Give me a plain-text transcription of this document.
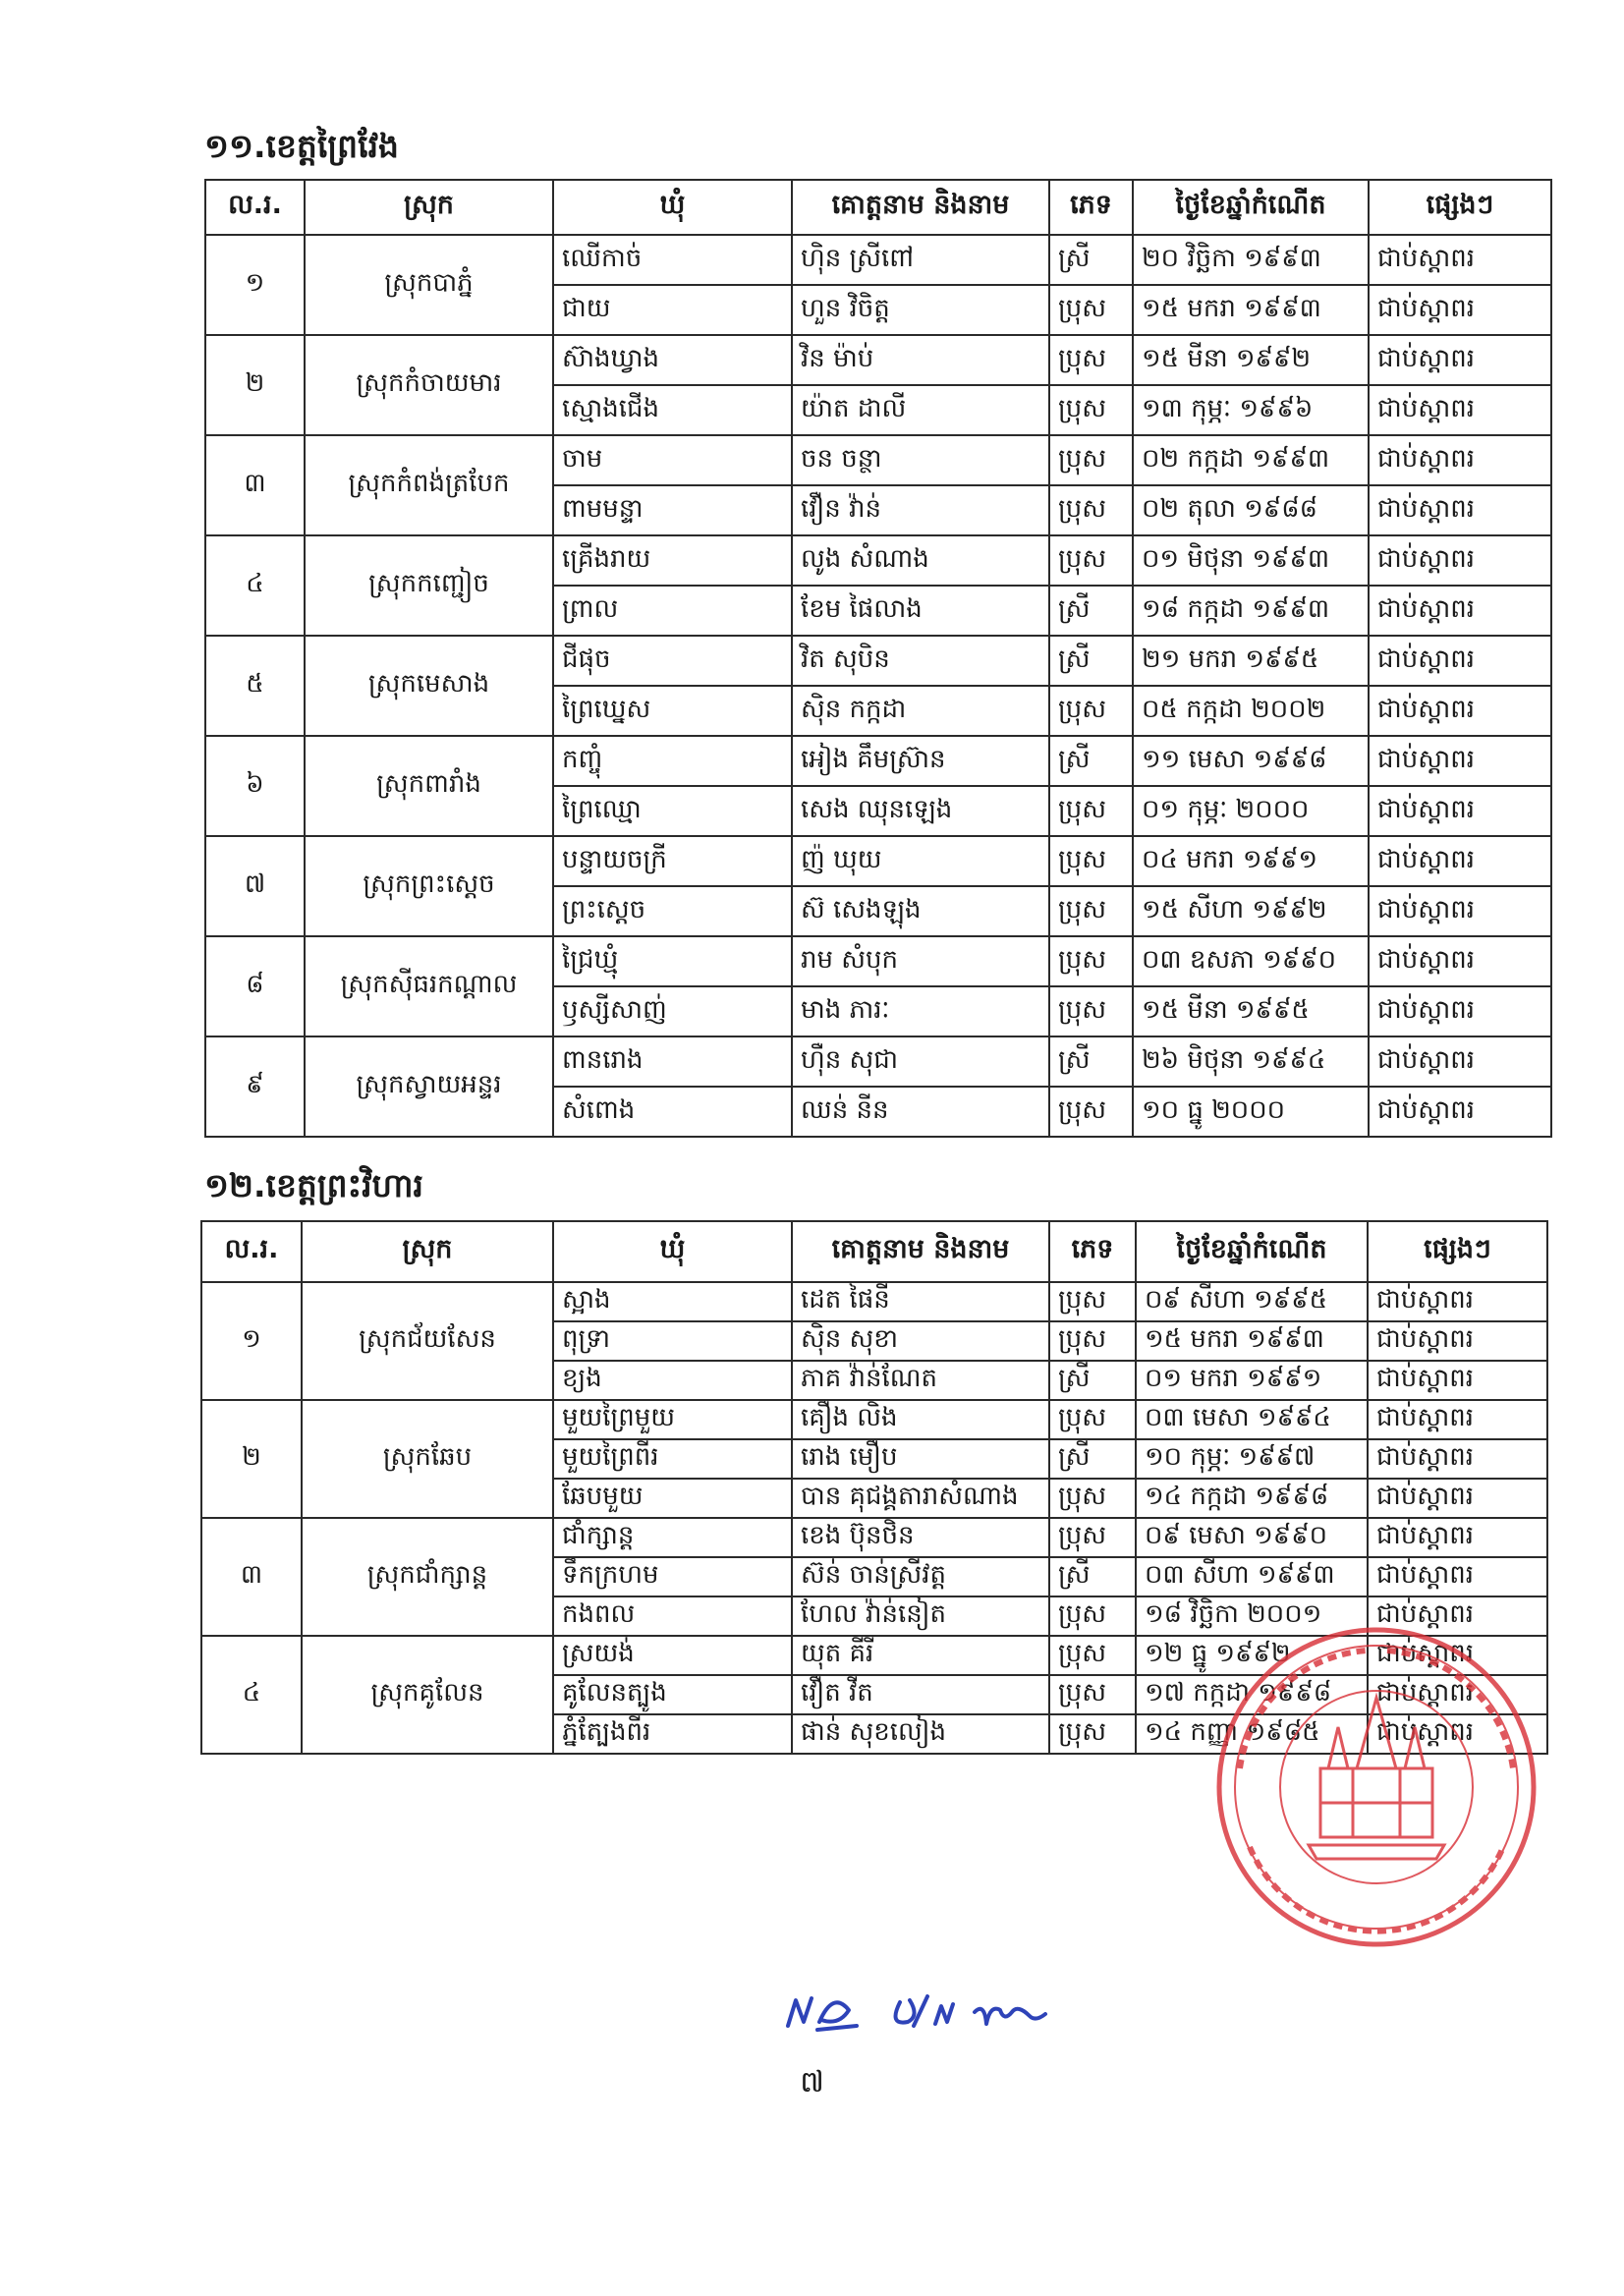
១១.ខេត្តព្រៃវែង
ល.រ.	ស្រុក	ឃុំ	គោត្តនាម និងនាម	ភេទ	ថ្ងៃខែឆ្នាំកំណើត	ផ្សេងៗ
១	ស្រុកបាភ្នំ	ឈើកាច់	ហ៊ិន ស្រីពៅ	ស្រី	២០ វិច្ឆិកា ១៩៩៣	ជាប់ស្តាពរ
		ជាយ	ហួន វិចិត្ត	ប្រុស	១៥ មករា ១៩៩៣	ជាប់ស្តាពរ
២	ស្រុកកំចាយមារ	ស៊ាងឃ្វាង	វិន ម៉ាប់	ប្រុស	១៥ មីនា ១៩៩២	ជាប់ស្តាពរ
		ស្មោងជើង	យ៉ាត ដាលី	ប្រុស	១៣ កុម្ភៈ ១៩៩៦	ជាប់ស្តាពរ
៣	ស្រុកកំពង់ត្របែក	ចាម	ចន ចន្ថា	ប្រុស	០២ កក្កដា ១៩៩៣	ជាប់ស្តាពរ
		ពាមមន្ទា	វឿន វ៉ាន់	ប្រុស	០២ តុលា ១៩៨៨	ជាប់ស្តាពរ
៤	ស្រុកកញ្ជៀច	គ្រើងរាយ	លូង សំណាង	ប្រុស	០១ មិថុនា ១៩៩៣	ជាប់ស្តាពរ
		ព្រាល	ខែម ផៃលាង	ស្រី	១៨ កក្កដា ១៩៩៣	ជាប់ស្តាពរ
៥	ស្រុកមេសាង	ជីផុច	វិត សុបិន	ស្រី	២១ មករា ១៩៩៥	ជាប់ស្តាពរ
		ព្រៃឃ្នេស	ស៊ិន កក្កដា	ប្រុស	០៥ កក្កដា ២០០២	ជាប់ស្តាពរ
៦	ស្រុកពារាំង	កញ្ចុំ	អៀង គឹមស្រ៊ាន	ស្រី	១១ មេសា ១៩៩៨	ជាប់ស្តាពរ
		ព្រៃឈ្មោ	សេង ឈុនឡេង	ប្រុស	០១ កុម្ភៈ ២០០០	ជាប់ស្តាពរ
៧	ស្រុកព្រះស្តេច	បន្ទាយចក្រី	ញ៉ ឃុយ	ប្រុស	០៤ មករា ១៩៩១	ជាប់ស្តាពរ
		ព្រះស្តេច	ស៊ សេងឡុង	ប្រុស	១៥ សីហា ១៩៩២	ជាប់ស្តាពរ
៨	ស្រុកស៊ីធរកណ្តាល	ជ្រៃឃ្មុំ	រាម សំបុក	ប្រុស	០៣ ឧសភា ១៩៩០	ជាប់ស្តាពរ
		ឫស្សីសាញ់	មាង ភារៈ	ប្រុស	១៥ មីនា ១៩៩៥	ជាប់ស្តាពរ
៩	ស្រុកស្វាយអន្ទរ	ពានរោង	ហ៊ឺន សុជា	ស្រី	២៦ មិថុនា ១៩៩៤	ជាប់ស្តាពរ
		សំពោង	ឈន់ នីន	ប្រុស	១០ ធ្នូ ២០០០	ជាប់ស្តាពរ
១២.ខេត្តព្រះវិហារ
ល.រ.	ស្រុក	ឃុំ	គោត្តនាម និងនាម	ភេទ	ថ្ងៃខែឆ្នាំកំណើត	ផ្សេងៗ
១	ស្រុកជ័យសែន	ស្អាង	ដេត ផៃនី	ប្រុស	០៩ សីហា ១៩៩៥	ជាប់ស្តាពរ
		ពុទ្រា	ស៊ិន សុខា	ប្រុស	១៥ មករា ១៩៩៣	ជាប់ស្តាពរ
		ខ្យង	ភាគ វ៉ាន់ណែត	ស្រី	០១ មករា ១៩៩១	ជាប់ស្តាពរ
២	ស្រុកឆែប	មួយព្រៃមួយ	គឿង លិង	ប្រុស	០៣ មេសា ១៩៩៤	ជាប់ស្តាពរ
		មួយព្រៃពីរ	រោង មឿប	ស្រី	១០ កុម្ភៈ ១៩៩៧	ជាប់ស្តាពរ
		ឆែបមួយ	បាន គុជង្គតារាសំណាង	ប្រុស	១៤ កក្កដា ១៩៩៨	ជាប់ស្តាពរ
៣	ស្រុកជាំក្សាន្ត	ជាំក្សាន្ត	ខេង ប៊ុនថិន	ប្រុស	០៩ មេសា ១៩៩០	ជាប់ស្តាពរ
		ទឹកក្រហម	ស៊ន់ ចាន់ស្រីវត្ត	ស្រី	០៣ សីហា ១៩៩៣	ជាប់ស្តាពរ
		កងពល	ហែល វ៉ាន់នៀត	ប្រុស	១៨ វិច្ឆិកា ២០០១	ជាប់ស្តាពរ
៤	ស្រុកគូលែន	ស្រយង់	យុត គីរី	ប្រុស	១២ ធ្នូ ១៩៩២	ជាប់ស្តាពរ
		គូលែនត្បូង	វឿត វីត	ប្រុស	១៧ កក្កដា ១៩៩៨	ជាប់ស្តាពរ
		ភ្នំត្បែងពីរ	ផាន់ សុខលៀង	ប្រុស	១៤ កញ្ញា ១៩៨៥	ជាប់ស្តាពរ
៧
